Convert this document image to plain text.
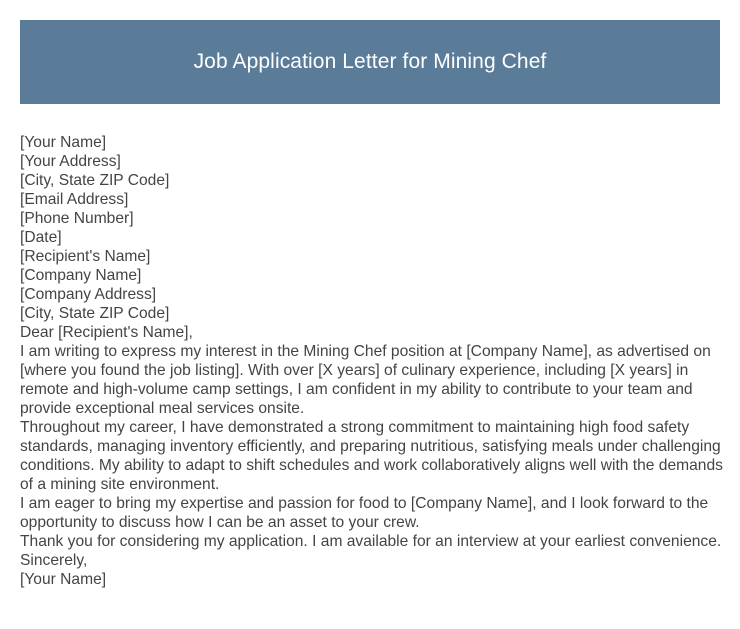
Job Application Letter for Mining Chef
[Your Name]
[Your Address]
[City, State ZIP Code]
[Email Address]
[Phone Number]
[Date]
[Recipient's Name]
[Company Name]
[Company Address]
[City, State ZIP Code]
Dear [Recipient's Name],
I am writing to express my interest in the Mining Chef position at [Company Name], as advertised on [where you found the job listing]. With over [X years] of culinary experience, including [X years] in remote and high-volume camp settings, I am confident in my ability to contribute to your team and provide exceptional meal services onsite.
Throughout my career, I have demonstrated a strong commitment to maintaining high food safety standards, managing inventory efficiently, and preparing nutritious, satisfying meals under challenging conditions. My ability to adapt to shift schedules and work collaboratively aligns well with the demands of a mining site environment.
I am eager to bring my expertise and passion for food to [Company Name], and I look forward to the opportunity to discuss how I can be an asset to your crew.
Thank you for considering my application. I am available for an interview at your earliest convenience.
Sincerely,
[Your Name]
